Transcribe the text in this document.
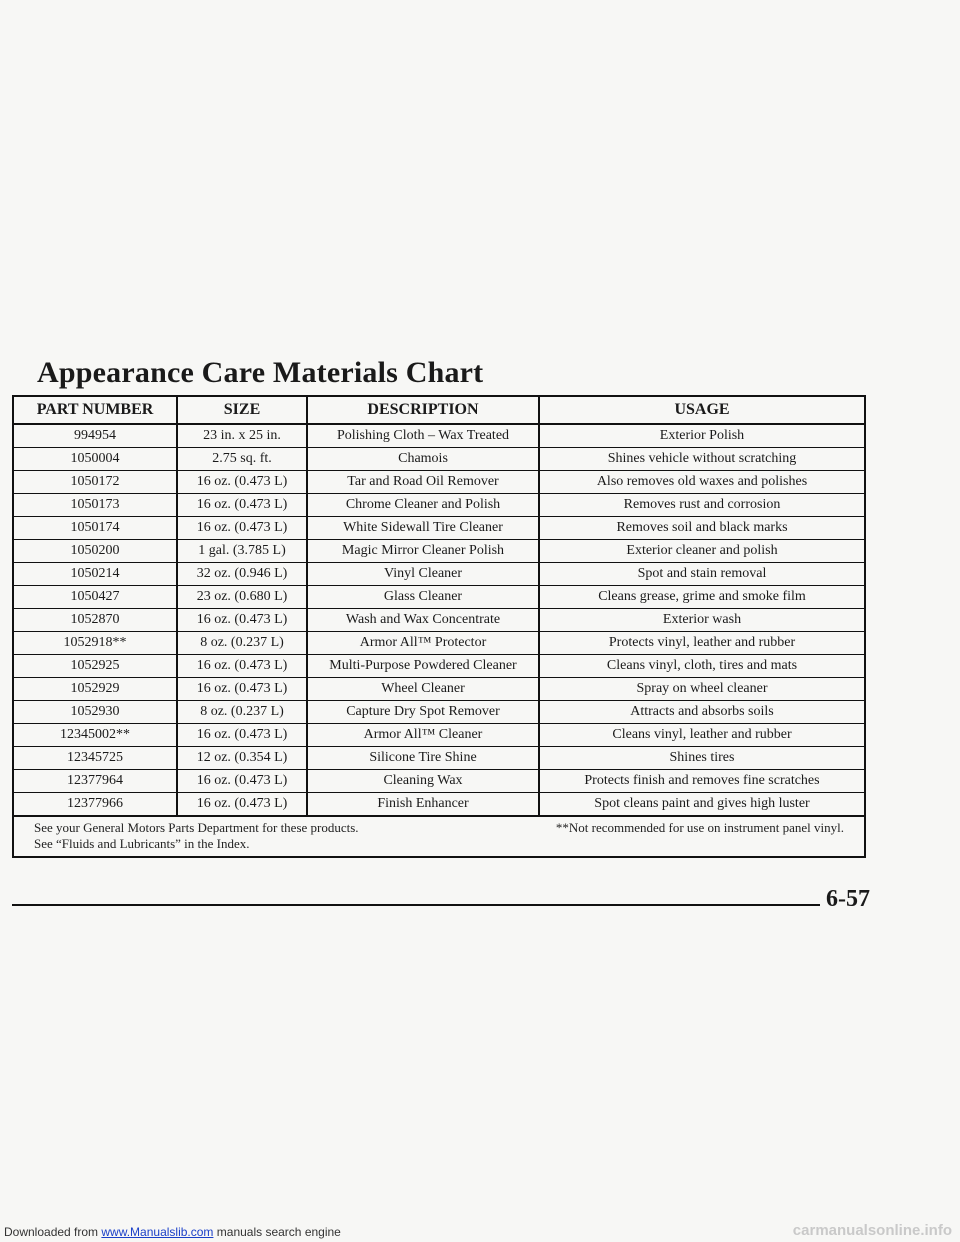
Appearance Care Materials Chart
PART NUMBER	SIZE	DESCRIPTION	USAGE
994954	23 in. x 25 in.	Polishing Cloth – Wax Treated	Exterior Polish
1050004	2.75 sq. ft.	Chamois	Shines vehicle without scratching
1050172	16 oz. (0.473 L)	Tar and Road Oil Remover	Also removes old waxes and polishes
1050173	16 oz. (0.473 L)	Chrome Cleaner and Polish	Removes rust and corrosion
1050174	16 oz. (0.473 L)	White Sidewall Tire Cleaner	Removes soil and black marks
1050200	1 gal. (3.785 L)	Magic Mirror Cleaner Polish	Exterior cleaner and polish
1050214	32 oz. (0.946 L)	Vinyl Cleaner	Spot and stain removal
1050427	23 oz. (0.680 L)	Glass Cleaner	Cleans grease, grime and smoke film
1052870	16 oz. (0.473 L)	Wash and Wax Concentrate	Exterior wash
1052918**	8 oz. (0.237 L)	Armor All™ Protector	Protects vinyl, leather and rubber
1052925	16 oz. (0.473 L)	Multi-Purpose Powdered Cleaner	Cleans vinyl, cloth, tires and mats
1052929	16 oz. (0.473 L)	Wheel Cleaner	Spray on wheel cleaner
1052930	8 oz. (0.237 L)	Capture Dry Spot Remover	Attracts and absorbs soils
12345002**	16 oz. (0.473 L)	Armor All™ Cleaner	Cleans vinyl, leather and rubber
12345725	12 oz. (0.354 L)	Silicone Tire Shine	Shines tires
12377964	16 oz. (0.473 L)	Cleaning Wax	Protects finish and removes fine scratches
12377966	16 oz. (0.473 L)	Finish Enhancer	Spot cleans paint and gives high luster
See your General Motors Parts Department for these products.	**Not recommended for use on instrument panel vinyl.
See “Fluids and Lubricants” in the Index.
6-57
Downloaded from www.Manualslib.com manuals search engine	carmanualsonline.info
